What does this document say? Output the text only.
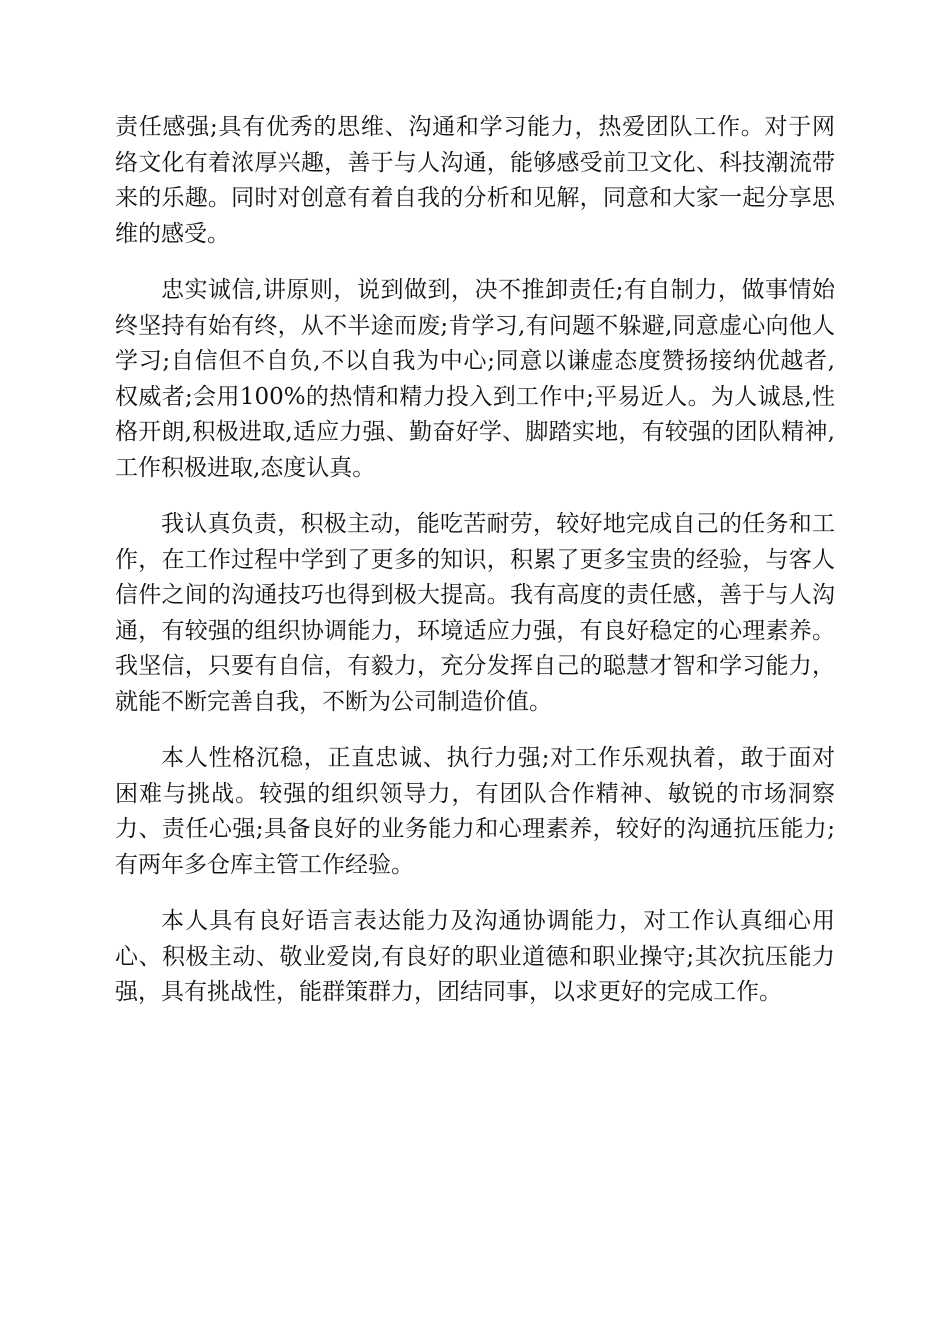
责任感强;具有优秀的思维、沟通和学习能力，热爱团队工作。对于网络文化有着浓厚兴趣，善于与人沟通，能够感受前卫文化、科技潮流带来的乐趣。同时对创意有着自我的分析和见解，同意和大家一起分享思维的感受。

忠实诚信,讲原则，说到做到，决不推卸责任;有自制力，做事情始终坚持有始有终，从不半途而废;肯学习,有问题不躲避,同意虚心向他人学习;自信但不自负,不以自我为中心;同意以谦虚态度赞扬接纳优越者,权威者;会用100%的热情和精力投入到工作中;平易近人。为人诚恳,性格开朗,积极进取,适应力强、勤奋好学、脚踏实地，有较强的团队精神,工作积极进取,态度认真。

我认真负责，积极主动，能吃苦耐劳，较好地完成自己的任务和工作，在工作过程中学到了更多的知识，积累了更多宝贵的经验，与客人信件之间的沟通技巧也得到极大提高。我有高度的责任感，善于与人沟通，有较强的组织协调能力，环境适应力强，有良好稳定的心理素养。我坚信，只要有自信，有毅力，充分发挥自己的聪慧才智和学习能力，就能不断完善自我，不断为公司制造价值。

本人性格沉稳，正直忠诚、执行力强;对工作乐观执着，敢于面对困难与挑战。较强的组织领导力，有团队合作精神、敏锐的市场洞察力、责任心强;具备良好的业务能力和心理素养，较好的沟通抗压能力;有两年多仓库主管工作经验。

本人具有良好语言表达能力及沟通协调能力，对工作认真细心用心、积极主动、敬业爱岗,有良好的职业道德和职业操守;其次抗压能力强，具有挑战性，能群策群力，团结同事，以求更好的完成工作。
